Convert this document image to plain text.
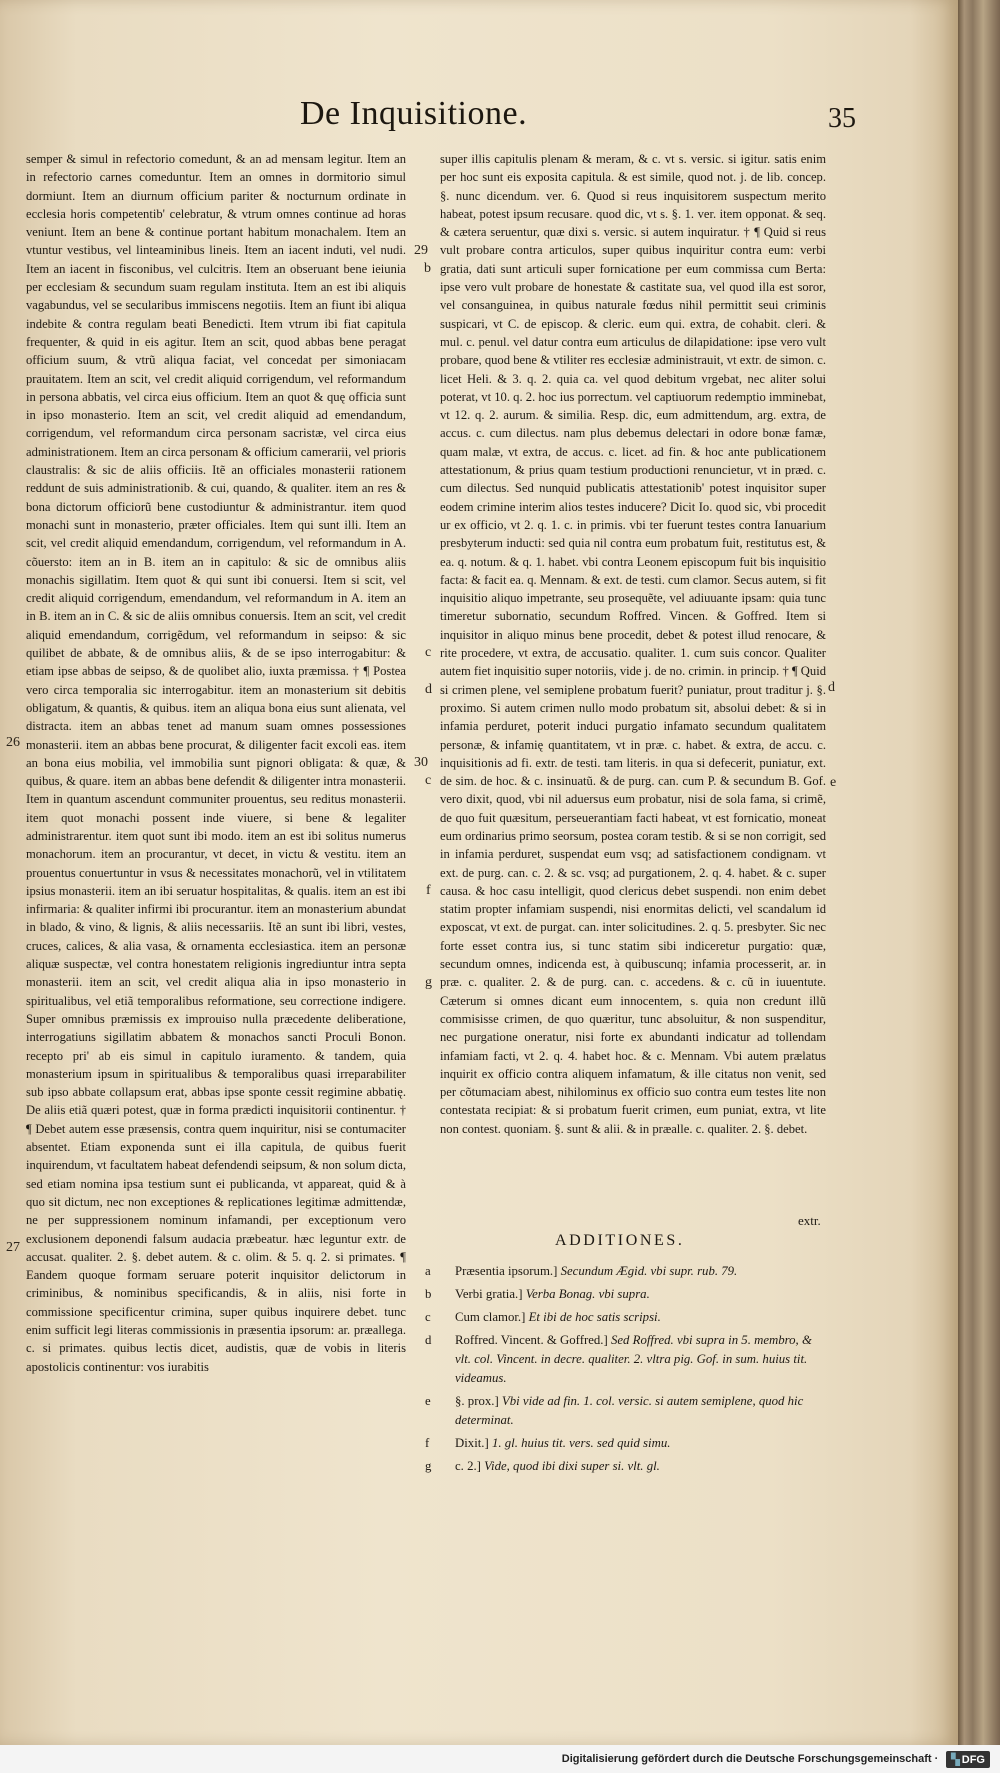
De Inquisitione.	35

semper & simul in refectorio comedunt, & an ad mensam legitur. Item an in refectorio carnes comeduntur. Item an omnes in dormitorio simul dormiunt. Item an diurnum officium pariter & nocturnum ordinate in ecclesia horis competentib' celebratur, & vtrum omnes continue ad horas veniunt. Item an bene & continue portant habitum monachalem. Item an vtuntur vestibus, vel linteaminibus lineis. Item an iacent induti, vel nudi. Item an iacent in fisconibus, vel culcitris. Item an obseruant bene ieiunia per ecclesiam & secundum suam regulam instituta. Item an est ibi aliquis vagabundus, vel se secularibus immiscens negotiis. Item an fiunt ibi aliqua indebite & contra regulam beati Benedicti. Item vtrum ibi fiat capitula frequenter, & quid in eis agitur. Item an scit, quod abbas bene peragat officium suum, & vtrũ aliqua faciat, vel concedat per simoniacam prauitatem. Item an scit, vel credit aliquid corrigendum, vel reformandum in persona abbatis, vel circa eius officium. Item an quot & quę officia sunt in ipso monasterio. Item an scit, vel credit aliquid ad emendandum, corrigendum, vel reformandum circa personam sacristæ, vel circa eius administrationem. Item an circa personam & officium camerarii, vel prioris claustralis: & sic de aliis officiis. Itẽ an officiales monasterii rationem reddunt de suis administrationib. & cui, quando, & qualiter. item an res & bona dictorum officiorũ bene custodiuntur & administrantur. item quod monachi sunt in monasterio, præter officiales. Item qui sunt illi. Item an scit, vel credit aliquid emendandum, corrigendum, vel reformandum in A. cõuersto: item an in B. item an in capitulo: & sic de omnibus aliis monachis sigillatim. Item quot & qui sunt ibi conuersi. Item si scit, vel credit aliquid corrigendum, emendandum, vel reformandum in A. item an in B. item an in C. & sic de aliis omnibus conuersis. Item an scit, vel credit aliquid emendandum, corrigẽdum, vel reformandum in seipso: & sic quilibet de abbate, & de omnibus aliis, & de se ipso interrogabitur: & etiam ipse abbas de seipso, & de quolibet alio, iuxta præmissa. † ¶ Postea vero circa temporalia sic interrogabitur. item an monasterium sit debitis obligatum, & quantis, & quibus. item an aliqua bona eius sunt alienata, vel distracta. item an abbas tenet ad manum suam omnes possessiones monasterii. item an abbas bene procurat, & diligenter facit excoli eas. item an bona eius mobilia, vel immobilia sunt pignori obligata: & quæ, & quibus, & quare. item an abbas bene defendit & diligenter intra monasterii. Item in quantum ascendunt communiter prouentus, seu reditus monasterii. item quot monachi possent inde viuere, si bene & legaliter administrarentur. item quot sunt ibi modo. item an est ibi solitus numerus monachorum. item an procurantur, vt decet, in victu & vestitu. item an prouentus conuertuntur in vsus & necessitates monachorũ, vel in vtilitatem ipsius monasterii. item an ibi seruatur hospitalitas, & qualis. item an est ibi infirmaria: & qualiter infirmi ibi procurantur. item an monasterium abundat in blado, & vino, & lignis, & aliis necessariis. Itẽ an sunt ibi libri, vestes, cruces, calices, & alia vasa, & ornamenta ecclesiastica. item an personæ aliquæ suspectæ, vel contra honestatem religionis ingrediuntur intra septa monasterii. item an scit, vel credit aliqua alia in ipso monasterio in spiritualibus, vel etiã temporalibus reformatione, seu correctione indigere. Super omnibus præmissis ex improuiso nulla præcedente deliberatione, interrogatiuns sigillatim abbatem & monachos sancti Proculi Bonon. recepto pri' ab eis simul in capitulo iuramento. & tandem, quia monasterium ipsum in spiritualibus & temporalibus quasi irreparabiliter sub ipso abbate collapsum erat, abbas ipse sponte cessit regimine abbatię. De aliis etiã quæri potest, quæ in forma prædicti inquisitorii continentur. † ¶ Debet autem esse præsensis, contra quem inquiritur, nisi se contumaciter absentet. Etiam exponenda sunt ei illa capitula, de quibus fuerit inquirendum, vt facultatem habeat defendendi seipsum, & non solum dicta, sed etiam nomina ipsa testium sunt ei publicanda, vt appareat, quid & à quo sit dictum, nec non exceptiones & replicationes legitimæ admittendæ, ne per suppressionem nominum infamandi, per exceptionum vero exclusionem deponendi falsum audacia præbeatur. hæc leguntur extr. de accusat. qualiter. 2. §. debet autem. & c. olim. & 5. q. 2. si primates. ¶ Eandem quoque formam seruare poterit inquisitor delictorum in criminibus, & nominibus specificandis, & in aliis, nisi forte in commissione specificentur crimina, super quibus inquirere debet. tunc enim sufficit legi literas commissionis in præsentia ipsorum: ar. præallega. c. si primates. quibus lectis dicet, audistis, quæ de vobis in literis apostolicis continentur: vos iurabitis

super illis capitulis plenam & meram, & c. vt s. versic. si igitur. satis enim per hoc sunt eis exposita capitula. & est simile, quod not. j. de lib. concep. §. nunc dicendum. ver. 6. Quod si reus inquisitorem suspectum merito habeat, potest ipsum recusare. quod dic, vt s. §. 1. ver. item opponat. & seq. & cætera seruentur, quæ dixi s. versic. si autem inquiratur. † ¶ Quid si reus vult probare contra articulos, super quibus inquiritur contra eum: verbi gratia, dati sunt articuli super fornicatione per eum commissa cum Berta: ipse vero vult probare de honestate & castitate sua, vel quod illa est soror, vel consanguinea, in quibus naturale fœdus nihil permittit seui criminis suspicari, vt C. de episcop. & cleric. eum qui. extra, de cohabit. cleri. & mul. c. penul. vel datur contra eum articulus de dilapidatione: ipse vero vult probare, quod bene & vtiliter res ecclesiæ administrauit, vt extr. de simon. c. licet Heli. & 3. q. 2. quia ca. vel quod debitum vrgebat, nec aliter solui poterat, vt 10. q. 2. hoc ius porrectum. vel captiuorum redemptio imminebat, vt 12. q. 2. aurum. & similia. Resp. dic, eum admittendum, arg. extra, de accus. c. cum dilectus. nam plus debemus delectari in odore bonæ famæ, quam malæ, vt extra, de accus. c. licet. ad fin. & hoc ante publicationem attestationum, & prius quam testium productioni renuncietur, vt in præd. c. cum dilectus. Sed nunquid publicatis attestationib' potest inquisitor super eodem crimine interim alios testes inducere? Dicit Io. quod sic, vbi procedit ur ex officio, vt 2. q. 1. c. in primis. vbi ter fuerunt testes contra Ianuarium presbyterum inducti: sed quia nil contra eum probatum fuit, restitutus est, & ea. q. notum. & q. 1. habet. vbi contra Leonem episcopum fuit bis inquisitio facta: & facit ea. q. Mennam. & ext. de testi. cum clamor. Secus autem, si fit inquisitio aliquo impetrante, seu prosequẽte, vel adiuuante ipsam: quia tunc timeretur subornatio, secundum Roffred. Vincen. & Goffred. Item si inquisitor in aliquo minus bene procedit, debet & potest illud renocare, & rite procedere, vt extra, de accusatio. qualiter. 1. cum suis concor. Qualiter autem fiet inquisitio super notoriis, vide j. de no. crimin. in princip. † ¶ Quid si crimen plene, vel semiplene probatum fuerit? puniatur, prout traditur j. §. proximo. Si autem crimen nullo modo probatum sit, absolui debet: & si in infamia perduret, poterit induci purgatio infamato secundum qualitatem personæ, & infamię quantitatem, vt in præ. c. habet. & extra, de accu. c. inquisitionis ad fi. extr. de testi. tam literis. in qua si defecerit, puniatur, ext. de sim. de hoc. & c. insinuatũ. & de purg. can. cum P. & secundum B. Gof. vero dixit, quod, vbi nil aduersus eum probatur, nisi de sola fama, si crimẽ, de quo fuit quæsitum, perseuerantiam facti habeat, vt est fornicatio, moneat eum ordinarius primo seorsum, postea coram testib. & si se non corrigit, sed in infamia perduret, suspendat eum vsq; ad satisfactionem condignam. vt ext. de purg. can. c. 2. & sc. vsq; ad purgationem, 2. q. 4. habet. & c. super causa. & hoc casu intelligit, quod clericus debet suspendi. non enim debet statim propter infamiam suspendi, nisi enormitas delicti, vel scandalum id exposcat, vt ext. de purgat. can. inter solicitudines. 2. q. 5. presbyter. Sic nec forte esset contra ius, si tunc statim sibi indiceretur purgatio: quæ, secundum omnes, indicenda est, à quibuscunq; infamia processerit, ar. in præ. c. qualiter. 2. & de purg. can. c. accedens. & c. cũ in iuuentute. Cæterum si omnes dicant eum innocentem, s. quia non credunt illũ commisisse crimen, de quo quæritur, tunc absoluitur, & non suspenditur, nec purgatione oneratur, nisi forte ex abundanti indicatur ad tollendam infamiam facti, vt 2. q. 4. habet hoc. & c. Mennam. Vbi autem prælatus inquirit ex officio contra aliquem infamatum, & ille citatus non venit, sed per cõtumaciam abest, nihilominus ex officio suo contra eum testes lite non contestata recipiat: & si probatum fuerit crimen, eum puniat, extra, vt lite non contest. quoniam. §. sunt & alii. & in præalle. c. qualiter. 2. §. debet.

29
b
c
d
d
30
c	e
f
g
26
27
extr.
ADDITIONES.
a	Præsentia ipsorum.] Secundum Ægid. vbi supr. rub. 79.
b	Verbi gratia.] Verba Bonag. vbi supra.
c	Cum clamor.] Et ibi de hoc satis scripsi.
d	Roffred. Vincent. & Goffred.] Sed Roffred. vbi supra in 5. membro, & vlt. col. Vincent. in decre. qualiter. 2. vltra pig. Gof. in sum. huius tit. videamus.
e	§. prox.] Vbi vide ad fin. 1. col. versic. si autem semiplene, quod hic determinat.
f	Dixit.] 1. gl. huius tit. vers. sed quid simu.
g	c. 2.] Vide, quod ibi dixi super si. vlt. gl.
Digitalisierung gefördert durch die Deutsche Forschungsgemeinschaft ·	▚ DFG
